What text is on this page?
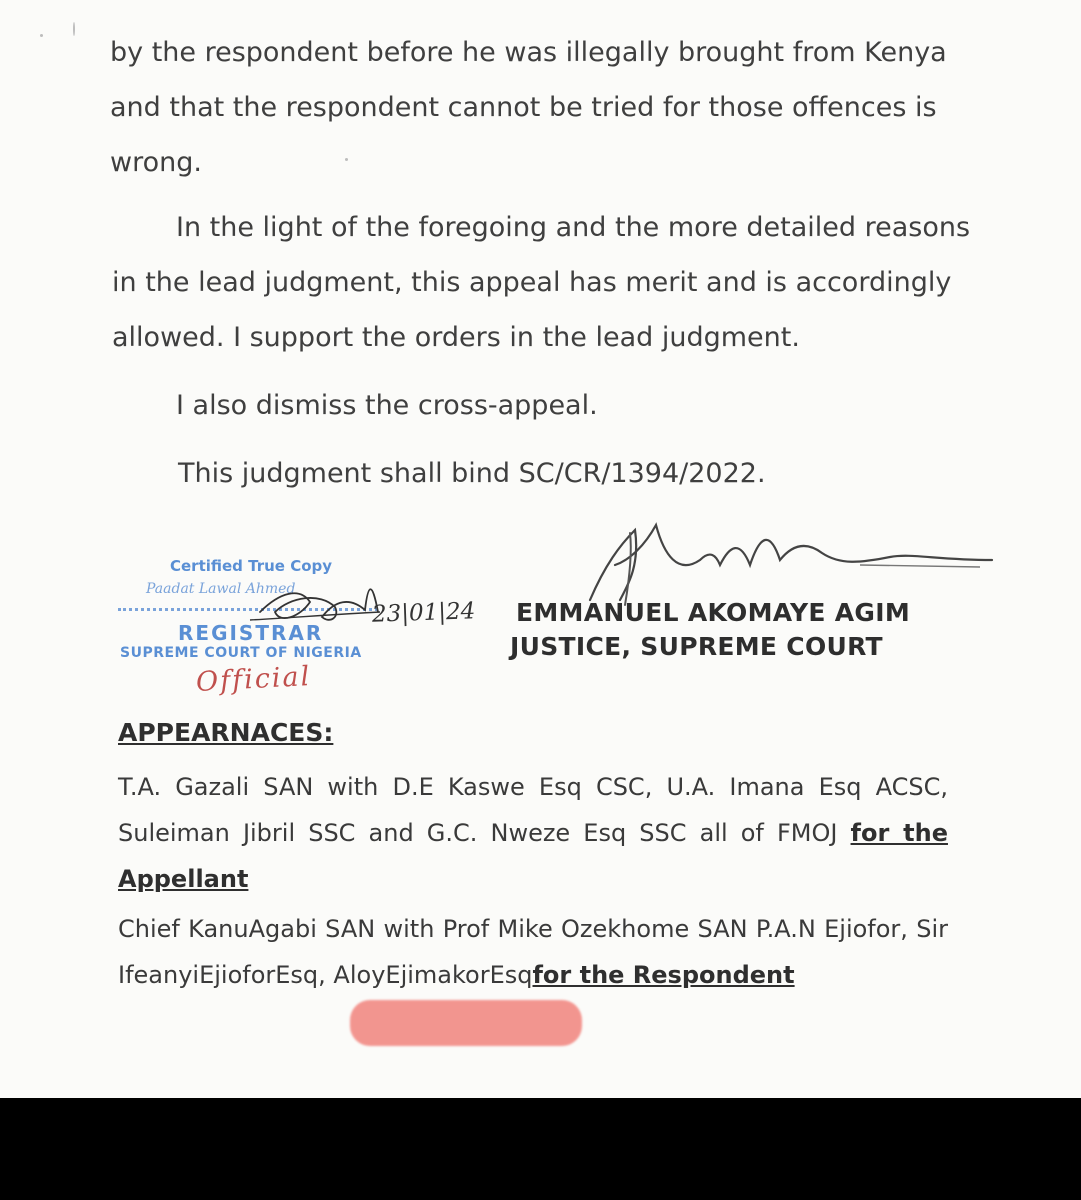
by the respondent before he was illegally brought from Kenya
and that the respondent cannot be tried for those offences is
wrong.
In the light of the foregoing and the more detailed reasons
in the lead judgment, this appeal has merit and is accordingly
allowed. I support the orders in the lead judgment.
I also dismiss the cross-appeal.
This judgment shall bind SC/CR/1394/2022.
Certified True Copy
Paadat Lawal Ahmed
REGISTRAR
SUPREME COURT OF NIGERIA
23|01|24
Official
EMMANUEL AKOMAYE AGIM
JUSTICE, SUPREME COURT
APPEARNACES:
T.A. Gazali SAN with D.E Kaswe Esq CSC, U.A. Imana Esq ACSC,
Suleiman Jibril SSC and G.C. Nweze Esq SSC all of FMOJ for the
Appellant
Chief KanuAgabi SAN with Prof Mike Ozekhome SAN P.A.N Ejiofor, Sir
IfeanyiEjioforEsq, AloyEjimakorEsqfor the Respondent
